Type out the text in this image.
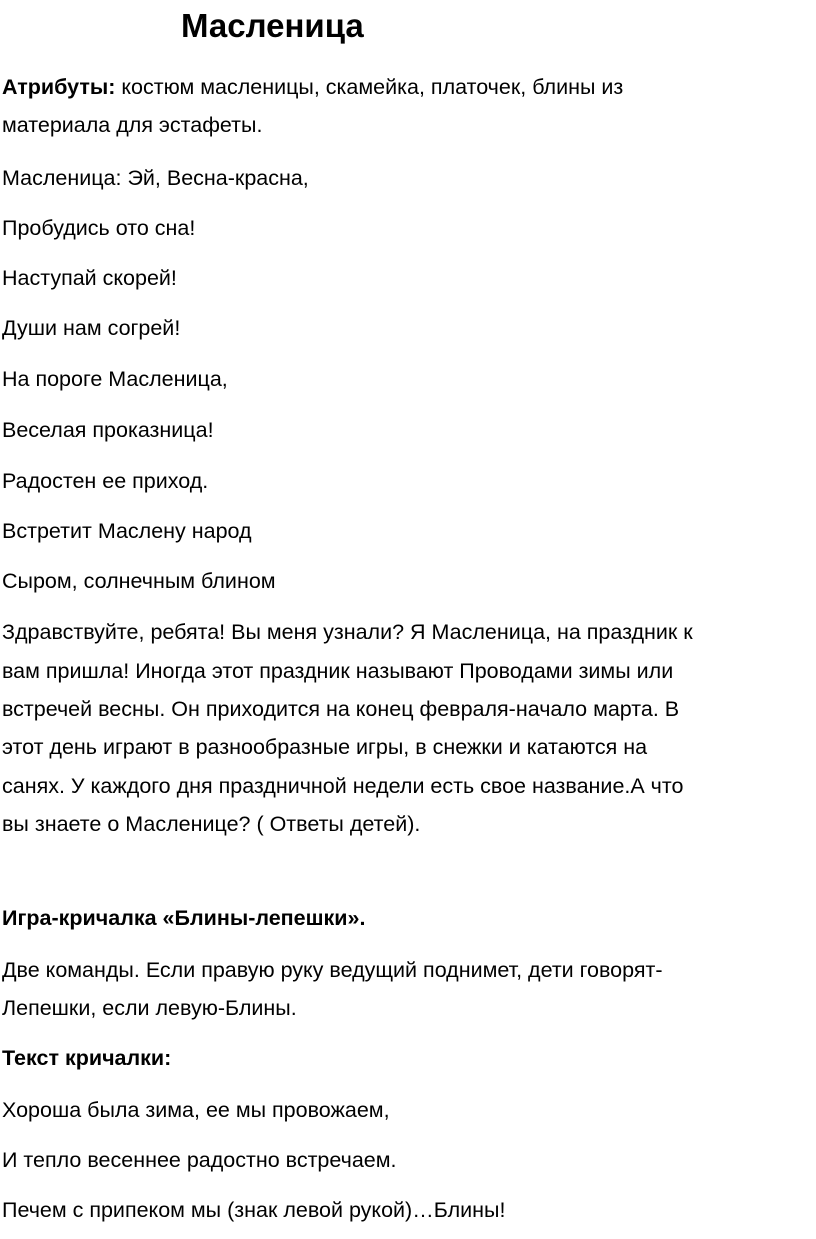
Масленица
Атрибуты: костюм масленицы, скамейка, платочек, блины из
материала для эстафеты.
Масленица: Эй, Весна-красна,
Пробудись ото сна!
Наступай скорей!
Души нам согрей!
На пороге Масленица,
Веселая проказница!
Радостен ее приход.
Встретит Маслену народ
Сыром, солнечным блином
Здравствуйте, ребята! Вы меня узнали? Я Масленица, на праздник к
вам пришла! Иногда этот праздник называют Проводами зимы или
встречей весны. Он приходится на конец февраля-начало марта. В
этот день играют в разнообразные игры, в снежки и катаются на
санях. У каждого дня праздничной недели есть свое название.А что
вы знаете о Масленице? ( Ответы детей).
Игра-кричалка «Блины-лепешки».
Две команды. Если правую руку ведущий поднимет, дети говорят-
Лепешки, если левую-Блины.
Текст кричалки:
Хороша была зима, ее мы провожаем,
И тепло весеннее радостно встречаем.
Печем с припеком мы (знак левой рукой)…Блины!
